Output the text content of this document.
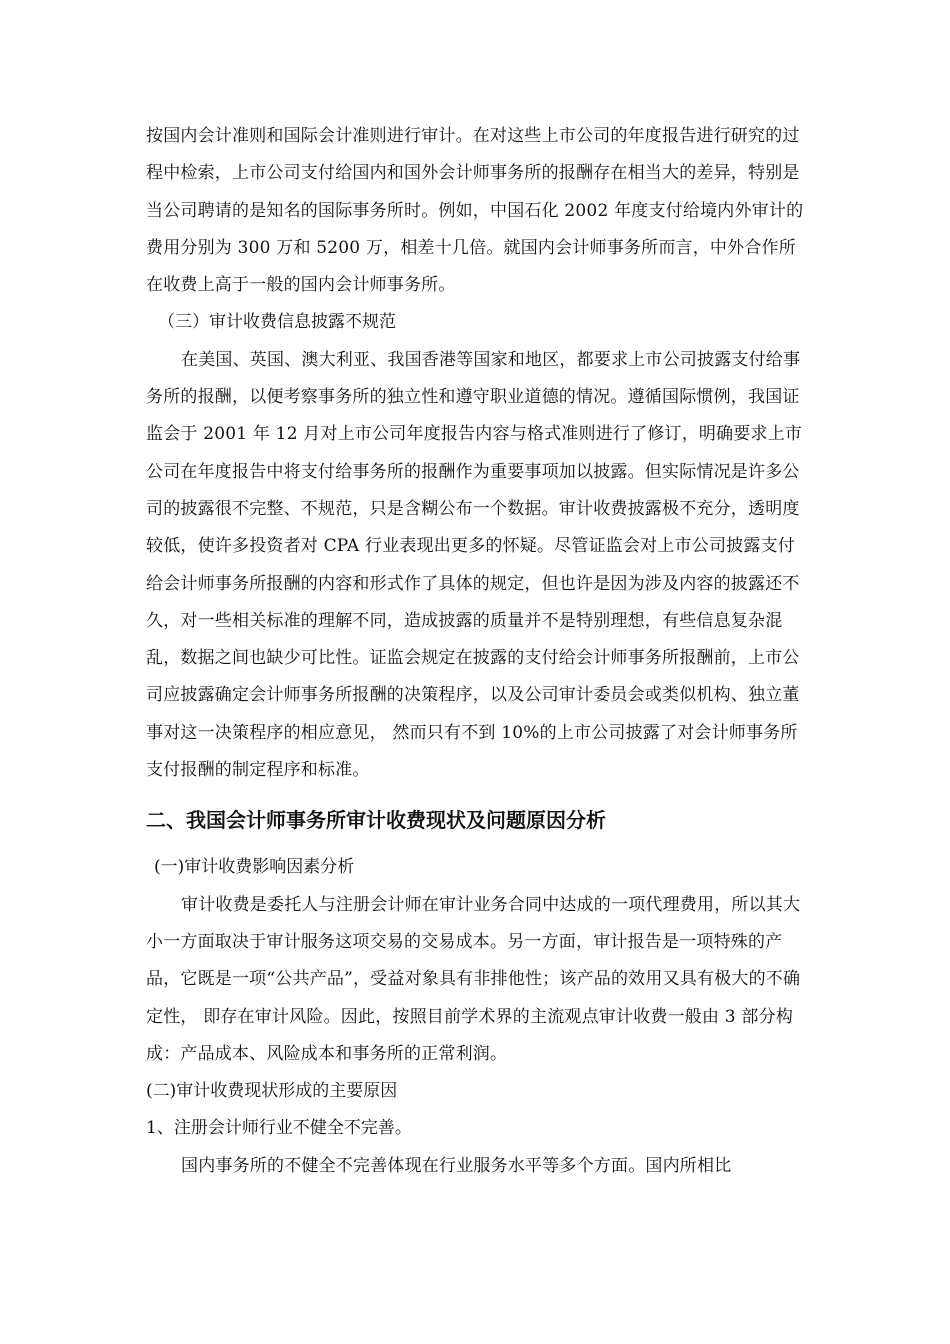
按国内会计准则和国际会计准则进行审计。在对这些上市公司的年度报告进行研究的过程中检索，上市公司支付给国内和国外会计师事务所的报酬存在相当大的差异，特别是当公司聘请的是知名的国际事务所时。例如，中国石化 2002 年度支付给境内外审计的费用分别为 300 万和 5200 万，相差十几倍。就国内会计师事务所而言，中外合作所在收费上高于一般的国内会计师事务所。

（三）审计收费信息披露不规范

在美国、英国、澳大利亚、我国香港等国家和地区，都要求上市公司披露支付给事务所的报酬，以便考察事务所的独立性和遵守职业道德的情况。遵循国际惯例，我国证监会于 2001 年 12 月对上市公司年度报告内容与格式准则进行了修订，明确要求上市公司在年度报告中将支付给事务所的报酬作为重要事项加以披露。但实际情况是许多公司的披露很不完整、不规范，只是含糊公布一个数据。审计收费披露极不充分，透明度较低，使许多投资者对 CPA 行业表现出更多的怀疑。尽管证监会对上市公司披露支付给会计师事务所报酬的内容和形式作了具体的规定，但也许是因为涉及内容的披露还不久，对一些相关标准的理解不同，造成披露的质量并不是特别理想，有些信息复杂混乱，数据之间也缺少可比性。证监会规定在披露的支付给会计师事务所报酬前，上市公司应披露确定会计师事务所报酬的决策程序，以及公司审计委员会或类似机构、独立董事对这一决策程序的相应意见， 然而只有不到 10%的上市公司披露了对会计师事务所支付报酬的制定程序和标准。

二、我国会计师事务所审计收费现状及问题原因分析

(一)审计收费影响因素分析

审计收费是委托人与注册会计师在审计业务合同中达成的一项代理费用，所以其大小一方面取决于审计服务这项交易的交易成本。另一方面，审计报告是一项特殊的产品，它既是一项“公共产品”，受益对象具有非排他性；该产品的效用又具有极大的不确定性， 即存在审计风险。因此，按照目前学术界的主流观点审计收费一般由 3 部分构成：产品成本、风险成本和事务所的正常利润。

(二)审计收费现状形成的主要原因

1、注册会计师行业不健全不完善。

国内事务所的不健全不完善体现在行业服务水平等多个方面。国内所相比
